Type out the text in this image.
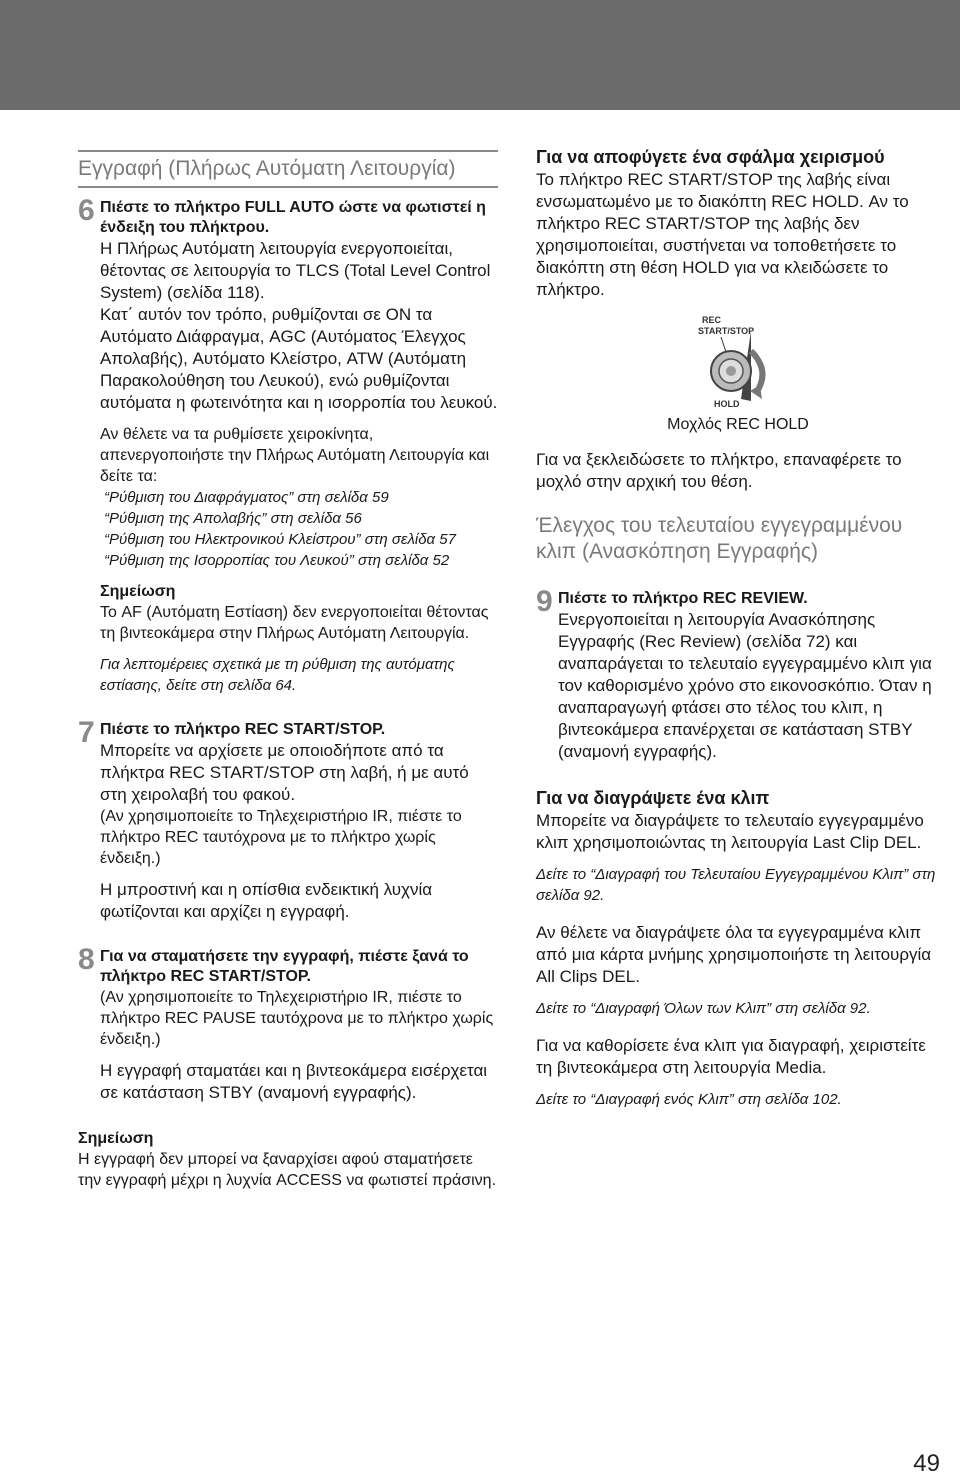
Εγγραφή (Πλήρως Αυτόματη Λειτουργία)
6 Πιέστε το πλήκτρο FULL AUTO ώστε να φωτιστεί η ένδειξη του πλήκτρου.

Η Πλήρως Αυτόματη λειτουργία ενεργοποιείται, θέτοντας σε λειτουργία το TLCS (Total Level Control System) (σελίδα 118).

Κατ΄ αυτόν τον τρόπο, ρυθμίζονται σε ON τα Αυτόματο Διάφραγμα, AGC (Αυτόματος Έλεγχος Απολαβής), Αυτόματο Κλείστρο, ATW (Αυτόματη Παρακολούθηση του Λευκού), ενώ ρυθμίζονται αυτόματα η φωτεινότητα και η ισορροπία του λευκού.

Αν θέλετε να τα ρυθμίσετε χειροκίνητα, απενεργοποιήστε την Πλήρως Αυτόματη Λειτουργία και δείτε τα:

“Ρύθμιση του Διαφράγματος” στη σελίδα 59

“Ρύθμιση της Απολαβής” στη σελίδα 56

“Ρύθμιση του Ηλεκτρονικού Κλείστρου” στη σελίδα 57

“Ρύθμιση της Ισορροπίας του Λευκού” στη σελίδα 52

Σημείωση

Το AF (Αυτόματη Εστίαση) δεν ενεργοποιείται θέτοντας τη βιντεοκάμερα στην Πλήρως Αυτόματη Λειτουργία.

Για λεπτομέρειες σχετικά με τη ρύθμιση της αυτόματης εστίασης, δείτε στη σελίδα 64.

7 Πιέστε το πλήκτρο REC START/STOP.

Μπορείτε να αρχίσετε με οποιοδήποτε από τα πλήκτρα REC START/STOP στη λαβή, ή με αυτό στη χειρολαβή του φακού.

(Αν χρησιμοποιείτε το Τηλεχειριστήριο IR, πιέστε το πλήκτρο REC ταυτόχρονα με το πλήκτρο χωρίς ένδειξη.)

Η μπροστινή και η οπίσθια ενδεικτική λυχνία φωτίζονται και αρχίζει η εγγραφή.

8 Για να σταματήσετε την εγγραφή, πιέστε ξανά το πλήκτρο REC START/STOP.

(Αν χρησιμοποιείτε το Τηλεχειριστήριο IR, πιέστε το πλήκτρο REC PAUSE ταυτόχρονα με το πλήκτρο χωρίς ένδειξη.)

Η εγγραφή σταματάει και η βιντεοκάμερα εισέρχεται σε κατάσταση STBY (αναμονή εγγραφής).

Σημείωση

Η εγγραφή δεν μπορεί να ξαναρχίσει αφού σταματήσετε την εγγραφή μέχρι η λυχνία ACCESS να φωτιστεί πράσινη.

Για να αποφύγετε ένα σφάλμα χειρισμού

Το πλήκτρο REC START/STOP της λαβής είναι ενσωματωμένο με το διακόπτη REC HOLD. Αν το πλήκτρο REC START/STOP της λαβής δεν χρησιμοποιείται, συστήνεται να τοποθετήσετε το διακόπτη στη θέση HOLD για να κλειδώσετε το πλήκτρο.

REC
START/STOP
HOLD

Μοχλός REC HOLD

Για να ξεκλειδώσετε το πλήκτρο, επαναφέρετε το μοχλό στην αρχική του θέση.

Έλεγχος του τελευταίου εγγεγραμμένου κλιπ (Ανασκόπηση Εγγραφής)

9 Πιέστε το πλήκτρο REC REVIEW.

Ενεργοποιείται η λειτουργία Ανασκόπησης Εγγραφής (Rec Review) (σελίδα 72) και αναπαράγεται το τελευταίο εγγεγραμμένο κλιπ για τον καθορισμένο χρόνο στο εικονοσκόπιο. Όταν η αναπαραγωγή φτάσει στο τέλος του κλιπ, η βιντεοκάμερα επανέρχεται σε κατάσταση STBY (αναμονή εγγραφής).

Για να διαγράψετε ένα κλιπ

Μπορείτε να διαγράψετε το τελευταίο εγγεγραμμένο κλιπ χρησιμοποιώντας τη λειτουργία Last Clip DEL.

Δείτε το “Διαγραφή του Τελευταίου Εγγεγραμμένου Κλιπ” στη σελίδα 92.

Αν θέλετε να διαγράψετε όλα τα εγγεγραμμένα κλιπ από μια κάρτα μνήμης χρησιμοποιήστε τη λειτουργία All Clips DEL.

Δείτε το “Διαγραφή Όλων των Κλιπ” στη σελίδα 92.

Για να καθορίσετε ένα κλιπ για διαγραφή, χειριστείτε τη βιντεοκάμερα στη λειτουργία Media.

Δείτε το “Διαγραφή ενός Κλιπ” στη σελίδα 102.

49
